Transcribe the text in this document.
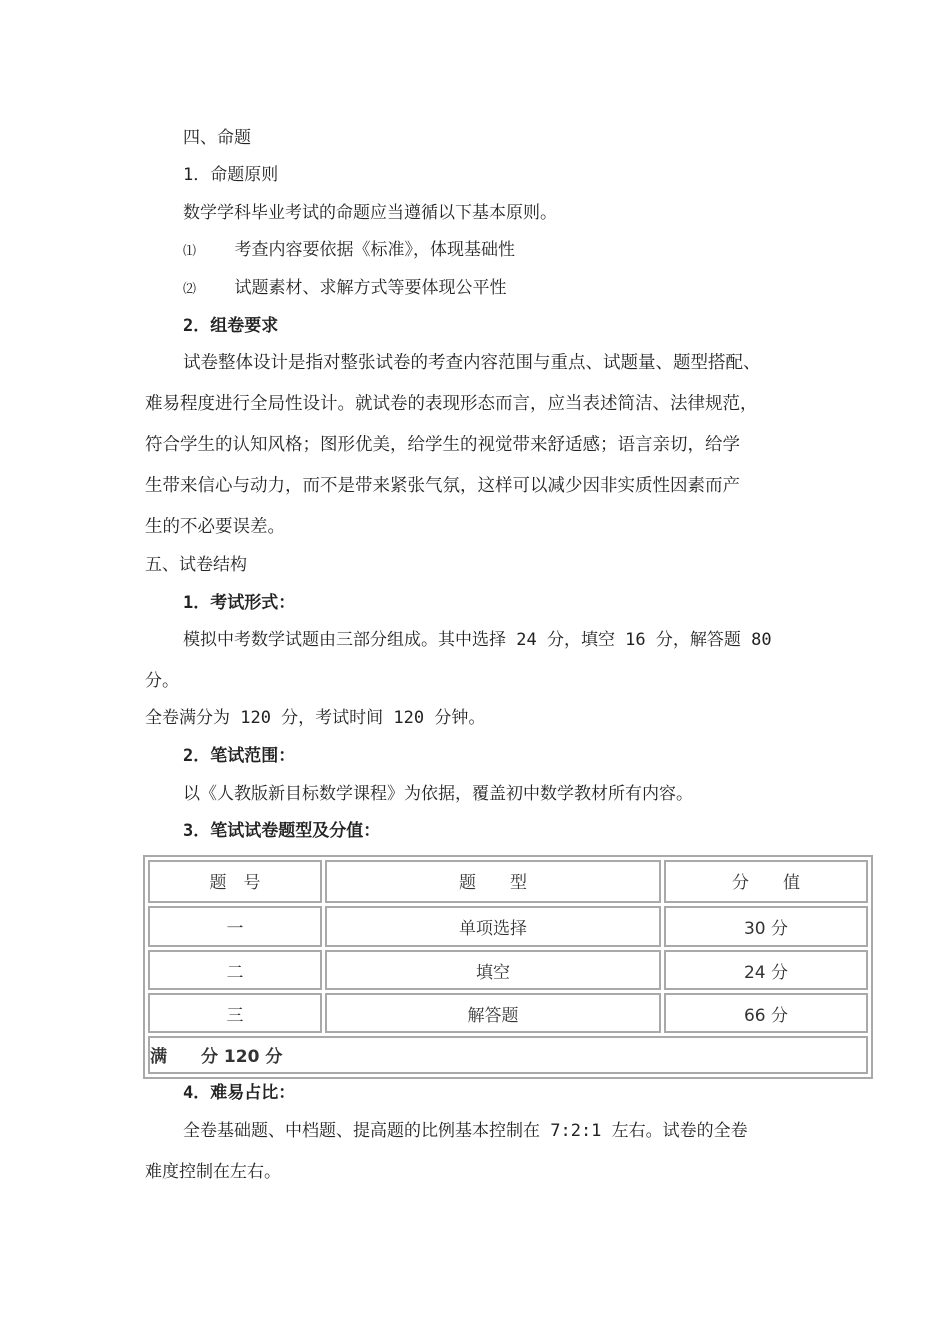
四、命题
1．命题原则
数学学科毕业考试的命题应当遵循以下基本原则。
⑴ 考查内容要依据《标准》，体现基础性
⑵ 试题素材、求解方式等要体现公平性
2．组卷要求
试卷整体设计是指对整张试卷的考查内容范围与重点、试题量、题型搭配、
难易程度进行全局性设计。就试卷的表现形态而言，应当表述简洁、法律规范，
符合学生的认知风格；图形优美，给学生的视觉带来舒适感；语言亲切，给学
生带来信心与动力，而不是带来紧张气氛，这样可以减少因非实质性因素而产
生的不必要误差。
五、试卷结构
1．考试形式：
模拟中考数学试题由三部分组成。其中选择 24 分，填空 16 分，解答题 80
分。
全卷满分为 120 分，考试时间 120 分钟。
2．笔试范围：
以《人教版新目标数学课程》为依据，覆盖初中数学教材所有内容。
3．笔试试卷题型及分值：
题　号	题　　型	分　　值
一	单项选择	30 分
二	填空	24 分
三	解答题	66 分
满　　分 120 分		
4．难易占比：
全卷基础题、中档题、提高题的比例基本控制在 7:2:1 左右。试卷的全卷
难度控制在左右。
